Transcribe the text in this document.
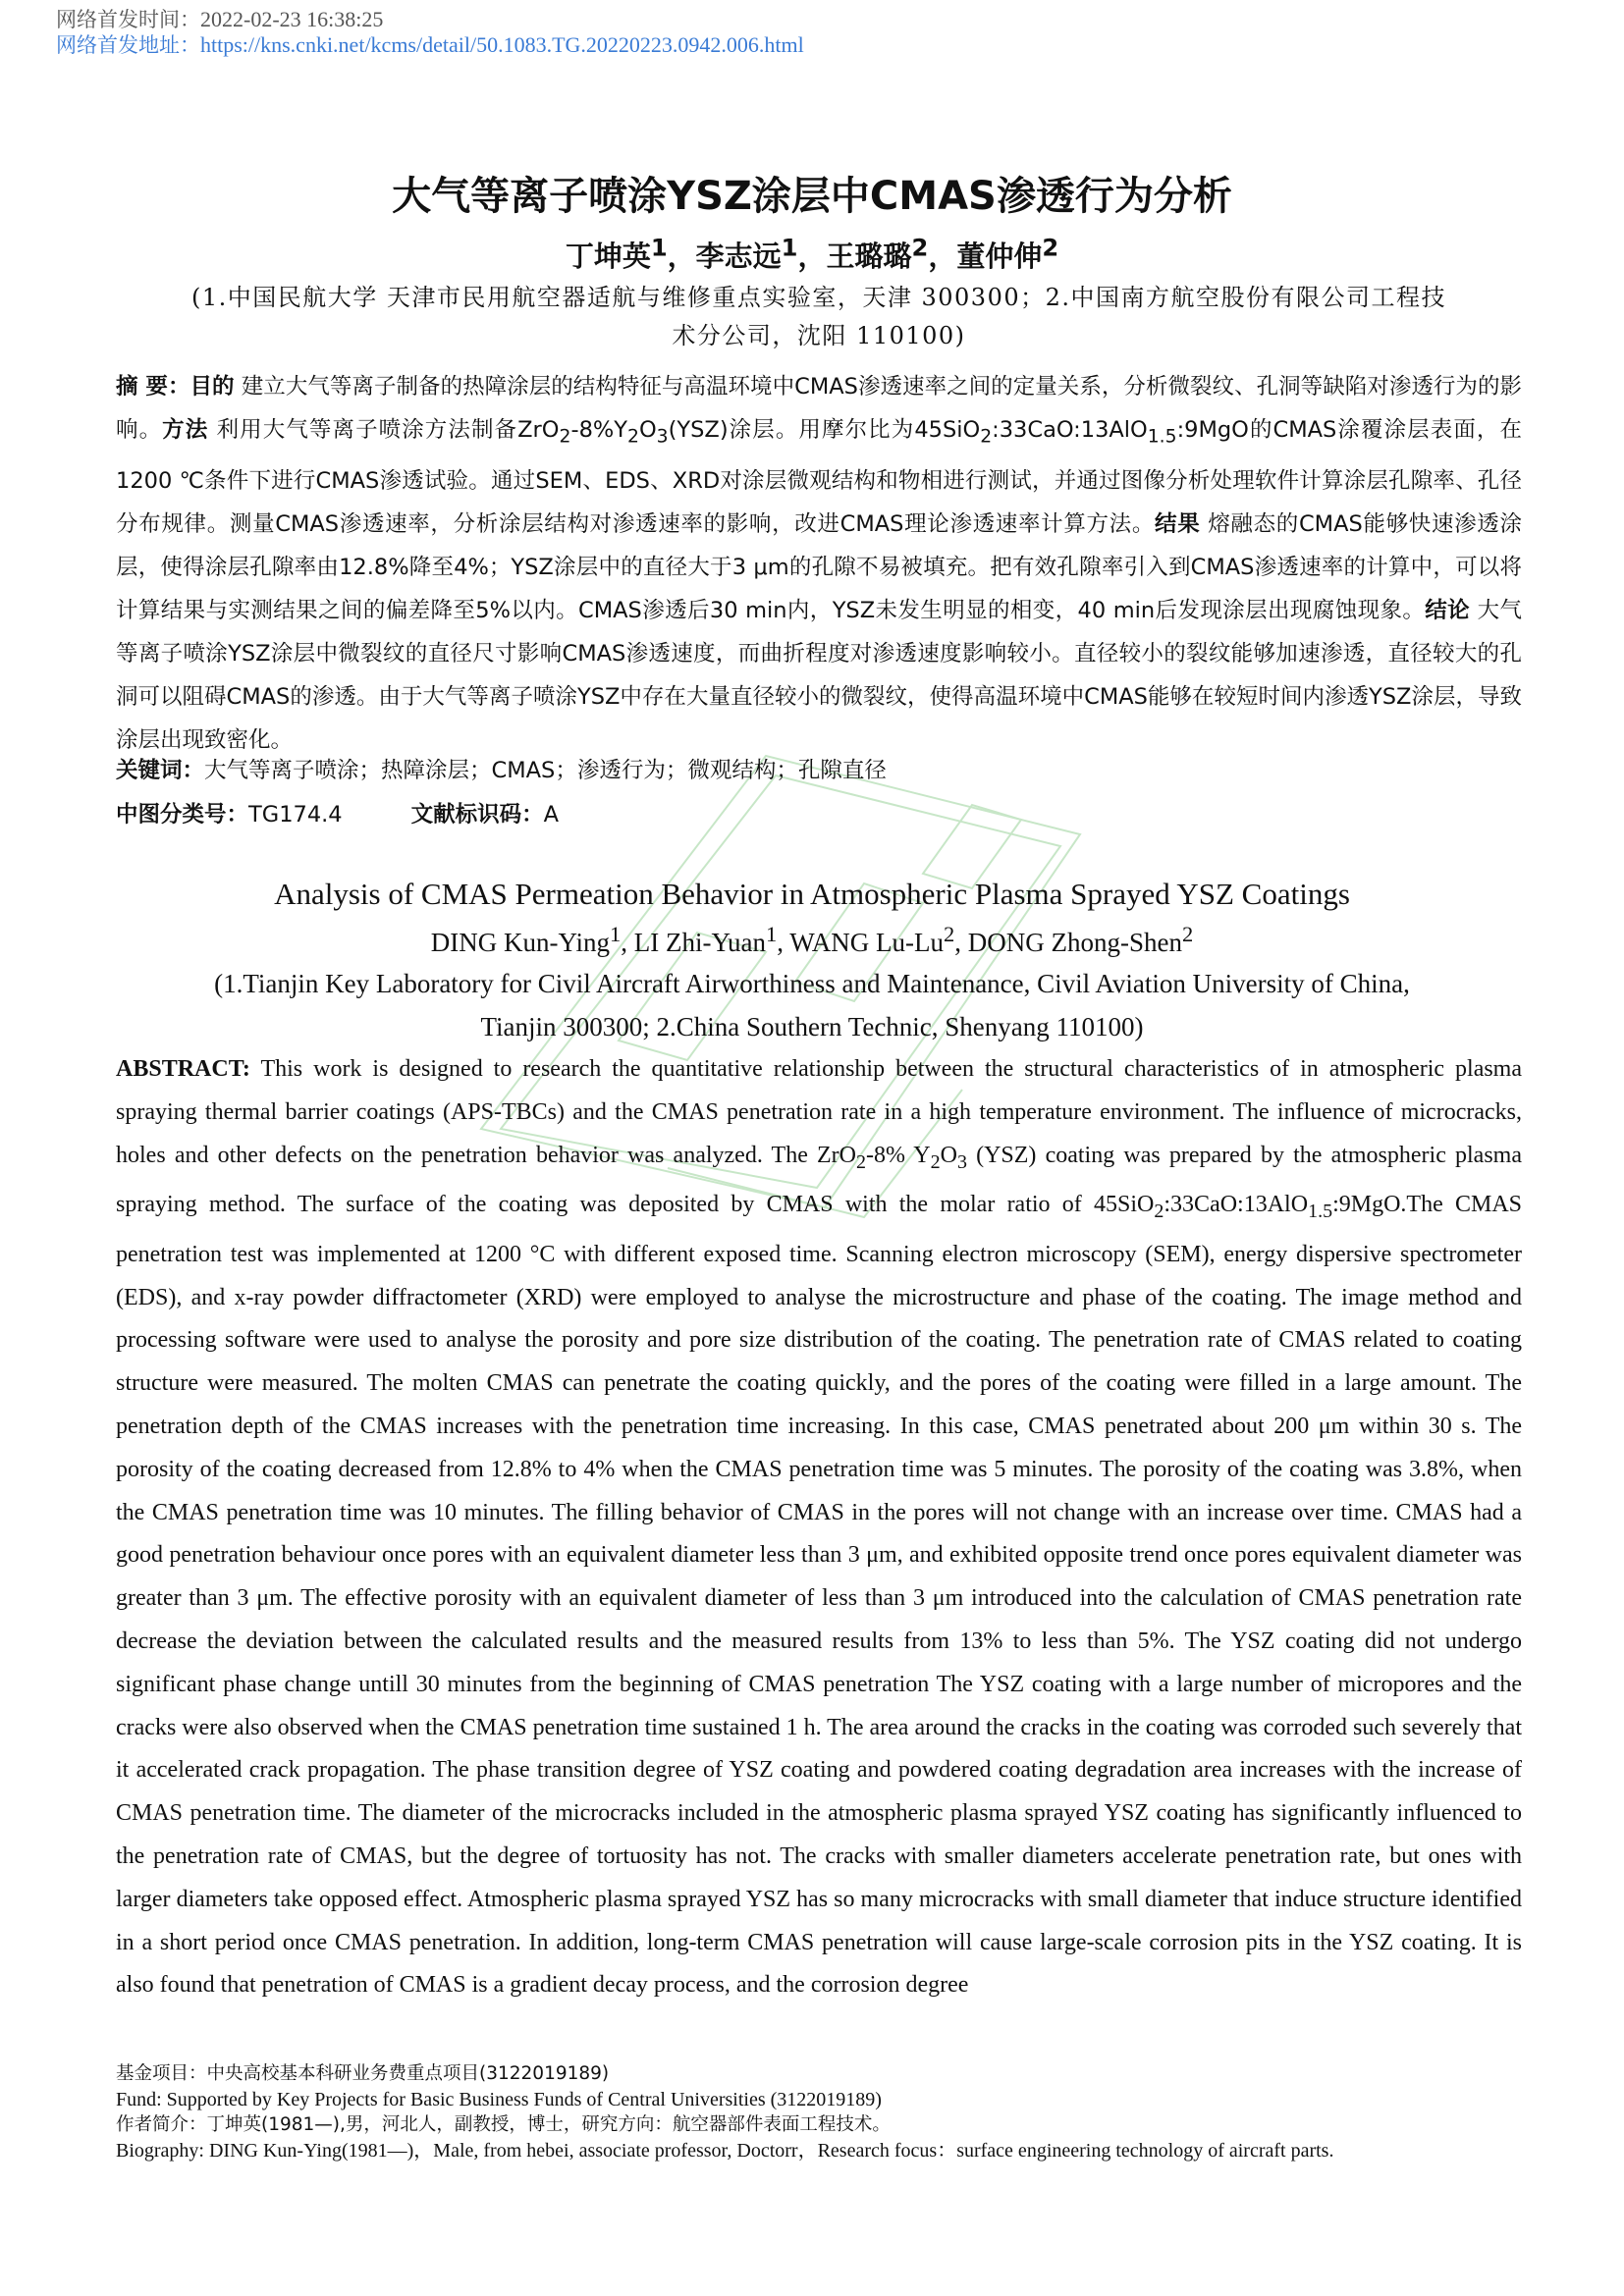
网络首发时间：2022-02-23 16:38:25
网络首发地址：https://kns.cnki.net/kcms/detail/50.1083.TG.20220223.0942.006.html
大气等离子喷涂YSZ涂层中CMAS渗透行为分析
丁坤英$^1$，李志远$^1$，王璐璐$^2$，董仲伸$^2$
(1.中国民航大学 天津市民用航空器适航与维修重点实验室，天津 300300；2.中国南方航空股份有限公司工程技
术分公司，沈阳 110100)
摘 要：目的 建立大气等离子制备的热障涂层的结构特征与高温环境中CMAS渗透速率之间的定量关系，分析微裂纹、孔洞等缺陷对渗透行为的影响。方法 利用大气等离子喷涂方法制备$ZrO_2-8\%Y_2O_3(YSZ)$涂层。用摩尔比为45SiO$_2$:33CaO:13AlO$_{1.5}$:9MgO的CMAS涂覆涂层表面，在1200 ℃条件下进行CMAS渗透试验。通过SEM、EDS、XRD对涂层微观结构和物相进行测试，并通过图像分析处理软件计算涂层孔隙率、孔径分布规律。测量CMAS渗透速率，分析涂层结构对渗透速率的影响，改进CMAS理论渗透速率计算方法。结果 熔融态的CMAS能够快速渗透涂层，使得涂层孔隙率由12.8%降至4%；YSZ涂层中的直径大于3 μm的孔隙不易被填充。把有效孔隙率引入到CMAS渗透速率的计算中，可以将计算结果与实测结果之间的偏差降至5%以内。CMAS渗透后30 min内，YSZ未发生明显的相变，40 min后发现涂层出现腐蚀现象。结论 大气等离子喷涂YSZ涂层中微裂纹的直径尺寸影响CMAS渗透速度，而曲折程度对渗透速度影响较小。直径较小的裂纹能够加速渗透，直径较大的孔洞可以阻碍CMAS的渗透。由于大气等离子喷涂YSZ中存在大量直径较小的微裂纹，使得高温环境中CMAS能够在较短时间内渗透YSZ涂层，导致涂层出现致密化。
关键词：大气等离子喷涂；热障涂层；CMAS；渗透行为；微观结构；孔隙直径
中图分类号：TG174.4	文献标识码：A
Analysis of CMAS Permeation Behavior in Atmospheric Plasma Sprayed YSZ Coatings
DING Kun-Ying$^1$, LI Zhi-Yuan$^1$, WANG Lu-Lu$^2$, DONG Zhong-Shen$^2$
(1.Tianjin Key Laboratory for Civil Aircraft Airworthiness and Maintenance, Civil Aviation University of China,
Tianjin 300300; 2.China Southern Technic, Shenyang 110100)
ABSTRACT: This work is designed to research the quantitative relationship between the structural characteristics of in atmospheric plasma spraying thermal barrier coatings (APS-TBCs) and the CMAS penetration rate in a high temperature environment. The influence of microcracks, holes and other defects on the penetration behavior was analyzed. The ZrO$_2$-8% $Y_2O_3$ (YSZ) coating was prepared by the atmospheric plasma spraying method. The surface of the coating was deposited by CMAS with the molar ratio of 45SiO$_2$:33CaO:13AlO$_{1.5}$:9MgO.The CMAS penetration test was implemented at 1200 °C with different exposed time. Scanning electron microscopy (SEM), energy dispersive spectrometer (EDS), and x-ray powder diffractometer (XRD) were employed to analyse the microstructure and phase of the coating. The image method and processing software were used to analyse the porosity and pore size distribution of the coating. The penetration rate of CMAS related to coating structure were measured. The molten CMAS can penetrate the coating quickly, and the pores of the coating were filled in a large amount. The penetration depth of the CMAS increases with the penetration time increasing. In this case, CMAS penetrated about 200 μm within 30 s. The porosity of the coating decreased from 12.8% to 4% when the CMAS penetration time was 5 minutes. The porosity of the coating was 3.8%, when the CMAS penetration time was 10 minutes. The filling behavior of CMAS in the pores will not change with an increase over time. CMAS had a good penetration behaviour once pores with an equivalent diameter less than 3 μm, and exhibited opposite trend once pores equivalent diameter was greater than 3 μm. The effective porosity with an equivalent diameter of less than 3 μm introduced into the calculation of CMAS penetration rate decrease the deviation between the calculated results and the measured results from 13% to less than 5%. The YSZ coating did not undergo significant phase change untill 30 minutes from the beginning of CMAS penetration The YSZ coating with a large number of micropores and the cracks were also observed when the CMAS penetration time sustained 1 h. The area around the cracks in the coating was corroded such severely that it accelerated crack propagation. The phase transition degree of YSZ coating and powdered coating degradation area increases with the increase of CMAS penetration time. The diameter of the microcracks included in the atmospheric plasma sprayed YSZ coating has significantly influenced to the penetration rate of CMAS, but the degree of tortuosity has not. The cracks with smaller diameters accelerate penetration rate, but ones with larger diameters take opposed effect. Atmospheric plasma sprayed YSZ has so many microcracks with small diameter that induce structure identified in a short period once CMAS penetration. In addition, long-term CMAS penetration will cause large-scale corrosion pits in the YSZ coating. It is also found that penetration of CMAS is a gradient decay process, and the corrosion degree
基金项目：中央高校基本科研业务费重点项目(3122019189)
Fund: Supported by Key Projects for Basic Business Funds of Central Universities (3122019189)
作者简介：丁坤英(1981—),男，河北人，副教授，博士，研究方向：航空器部件表面工程技术。
Biography: DING Kun-Ying(1981—)，Male, from hebei, associate professor, Doctorr，Research focus：surface engineering technology of aircraft parts.
